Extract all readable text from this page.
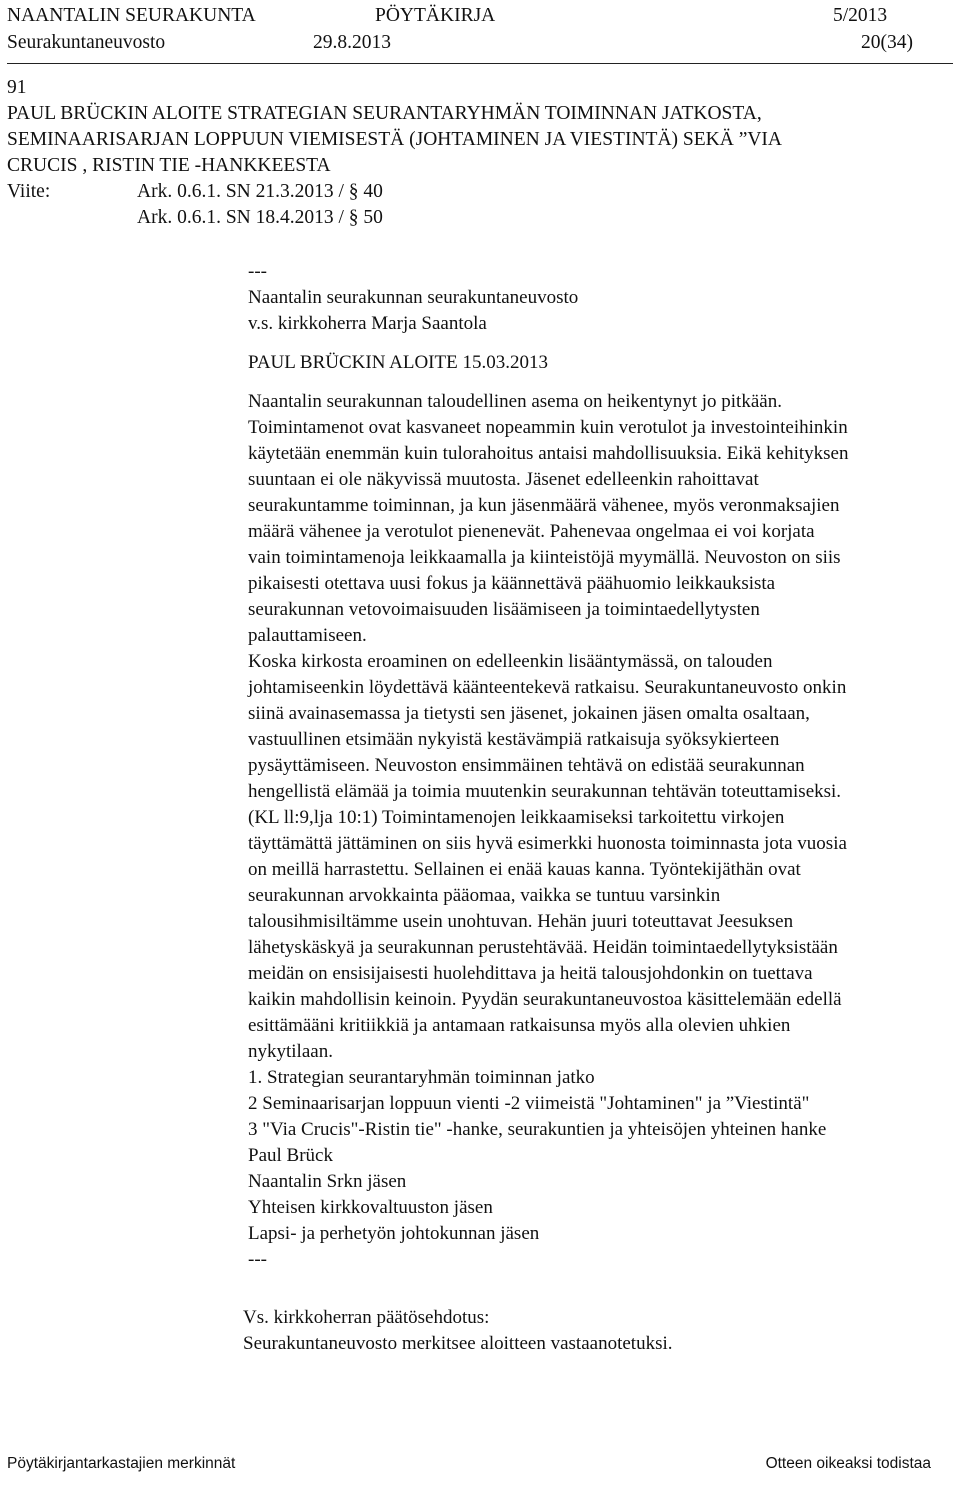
NAANTALIN SEURAKUNTA	PÖYTÄKIRJA	5/2013
Seurakuntaneuvosto	29.8.2013	20(34)
91
PAUL BRÜCKIN ALOITE STRATEGIAN SEURANTARYHMÄN TOIMINNAN JATKOSTA,
SEMINAARISARJAN LOPPUUN VIEMISESTÄ (JOHTAMINEN JA VIESTINTÄ) SEKÄ ”VIA
CRUCIS , RISTIN TIE -HANKKEESTA
Viite:	Ark. 0.6.1. SN 21.3.2013 / § 40
Ark. 0.6.1. SN 18.4.2013 / § 50
---
Naantalin seurakunnan seurakuntaneuvosto
v.s. kirkkoherra Marja Saantola
PAUL BRÜCKIN ALOITE 15.03.2013
Naantalin seurakunnan taloudellinen asema on heikentynyt jo pitkään.
Toimintamenot ovat kasvaneet nopeammin kuin verotulot ja investointeihinkin
käytetään enemmän kuin tulorahoitus antaisi mahdollisuuksia. Eikä kehityksen
suuntaan ei ole näkyvissä muutosta. Jäsenet edelleenkin rahoittavat
seurakuntamme toiminnan, ja kun jäsenmäärä vähenee, myös veronmaksajien
määrä vähenee ja verotulot pienenevät. Pahenevaa ongelmaa ei voi korjata
vain toimintamenoja leikkaamalla ja kiinteistöjä myymällä. Neuvoston on siis
pikaisesti otettava uusi fokus ja käännettävä päähuomio leikkauksista
seurakunnan vetovoimaisuuden lisäämiseen ja toimintaedellytysten
palauttamiseen.
Koska kirkosta eroaminen on edelleenkin lisääntymässä, on talouden
johtamiseenkin löydettävä käänteentekevä ratkaisu. Seurakuntaneuvosto onkin
siinä avainasemassa ja tietysti sen jäsenet, jokainen jäsen omalta osaltaan,
vastuullinen etsimään nykyistä kestävämpiä ratkaisuja syöksykierteen
pysäyttämiseen. Neuvoston ensimmäinen tehtävä on edistää seurakunnan
hengellistä elämää ja toimia muutenkin seurakunnan tehtävän toteuttamiseksi.
(KL ll:9,lja 10:1) Toimintamenojen leikkaamiseksi tarkoitettu virkojen
täyttämättä jättäminen on siis hyvä esimerkki huonosta toiminnasta jota vuosia
on meillä harrastettu. Sellainen ei enää kauas kanna. Työntekijäthän ovat
seurakunnan arvokkainta pääomaa, vaikka se tuntuu varsinkin
talousihmisiltämme usein unohtuvan. Hehän juuri toteuttavat Jeesuksen
lähetyskäskyä ja seurakunnan perustehtävää. Heidän toimintaedellytyksistään
meidän on ensisijaisesti huolehdittava ja heitä talousjohdonkin on tuettava
kaikin mahdollisin keinoin. Pyydän seurakuntaneuvostoa käsittelemään edellä
esittämääni kritiikkiä ja antamaan ratkaisunsa myös alla olevien uhkien
nykytilaan.
1. Strategian seurantaryhmän toiminnan jatko
2 Seminaarisarjan loppuun vienti -2 viimeistä "Johtaminen" ja ”Viestintä"
3 "Via Crucis"-Ristin tie" -hanke, seurakuntien ja yhteisöjen yhteinen hanke
Paul Brück
Naantalin Srkn jäsen
Yhteisen kirkkovaltuuston jäsen
Lapsi- ja perhetyön johtokunnan jäsen
---
Vs. kirkkoherran päätösehdotus:
Seurakuntaneuvosto merkitsee aloitteen vastaanotetuksi.
Pöytäkirjantarkastajien merkinnät	Otteen oikeaksi todistaa
